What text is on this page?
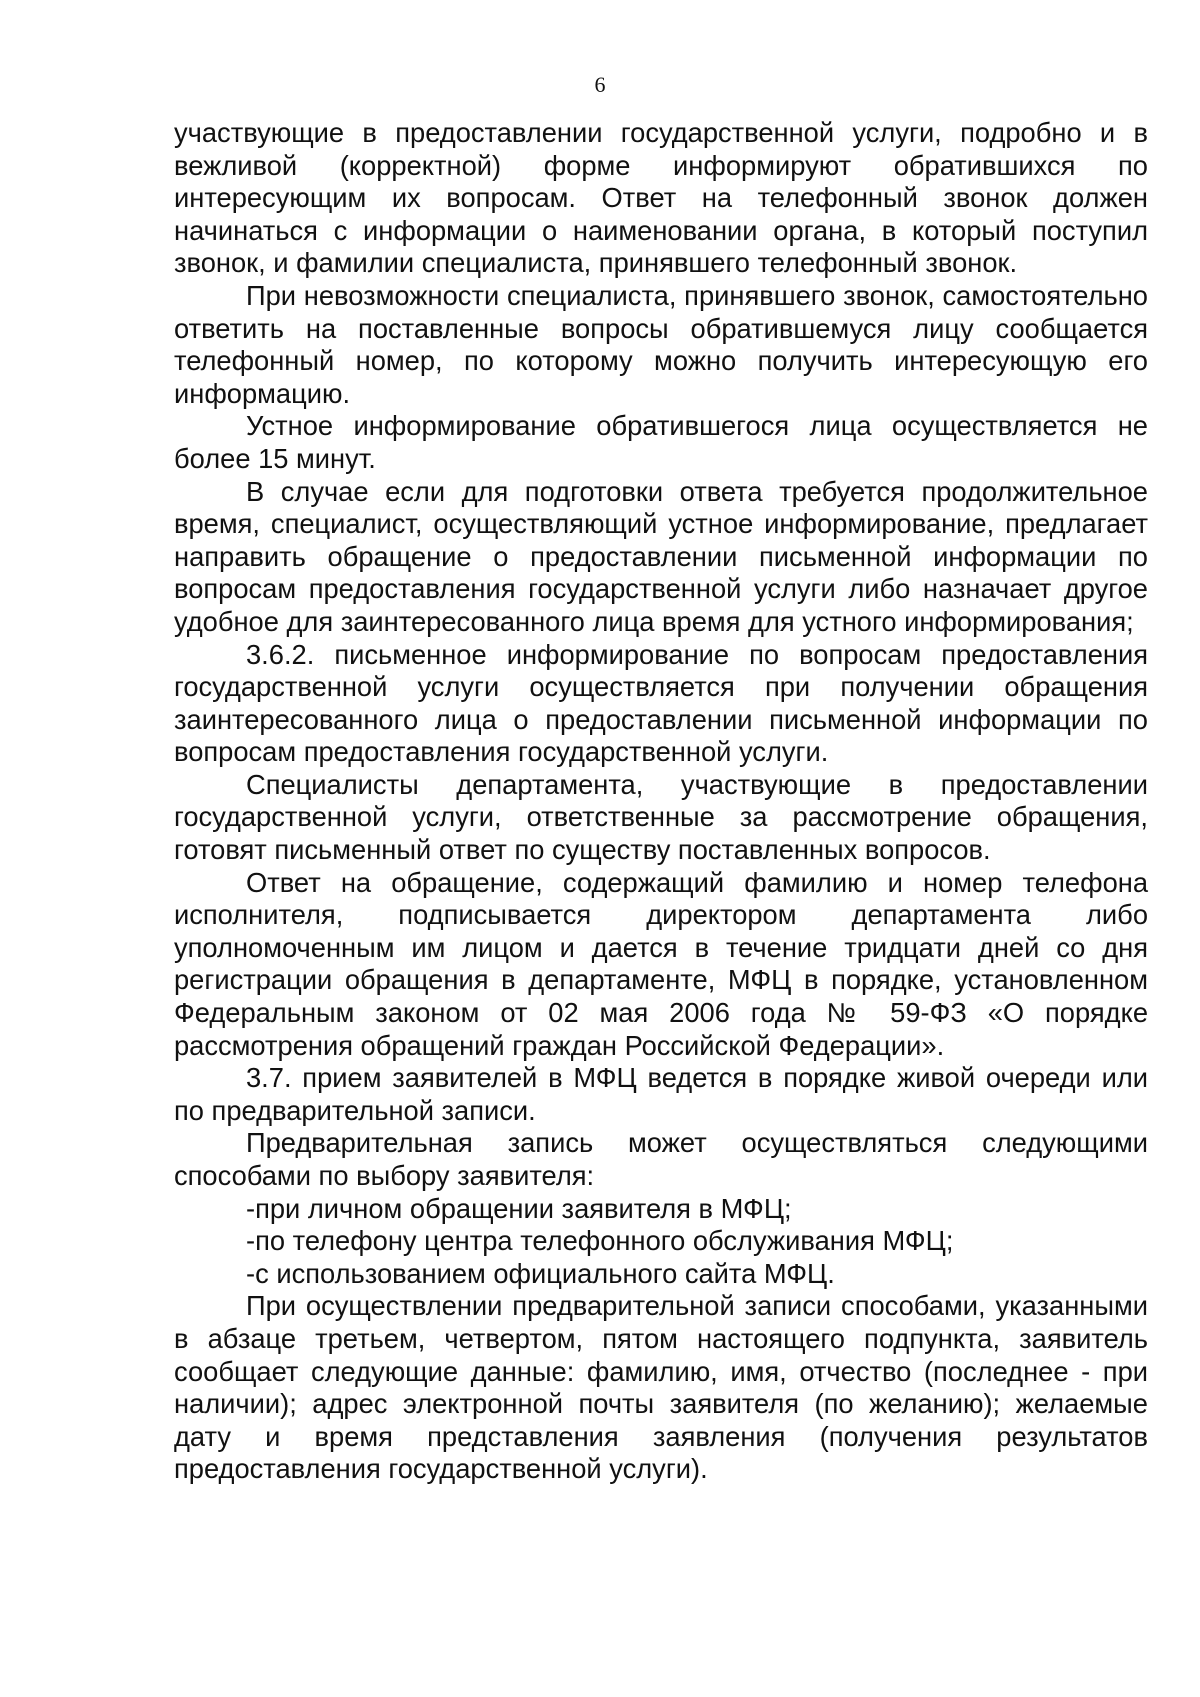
6

участвующие в предоставлении государственной услуги, подробно и в вежливой (корректной) форме информируют обратившихся по интересующим их вопросам. Ответ на телефонный звонок должен начинаться с информации о наименовании органа, в который поступил звонок, и фамилии специалиста, принявшего телефонный звонок.

При невозможности специалиста, принявшего звонок, самостоятельно ответить на поставленные вопросы обратившемуся лицу сообщается телефонный номер, по которому можно получить интересующую его информацию.

Устное информирование обратившегося лица осуществляется не более 15 минут.

В случае если для подготовки ответа требуется продолжительное время, специалист, осуществляющий устное информирование, предлагает направить обращение о предоставлении письменной информации по вопросам предоставления государственной услуги либо назначает другое удобное для заинтересованного лица время для устного информирования;

3.6.2. письменное информирование по вопросам предоставления государственной услуги осуществляется при получении обращения заинтересованного лица о предоставлении письменной информации по вопросам предоставления государственной услуги.

Специалисты департамента, участвующие в предоставлении государственной услуги, ответственные за рассмотрение обращения, готовят письменный ответ по существу поставленных вопросов.

Ответ на обращение, содержащий фамилию и номер телефона исполнителя, подписывается директором департамента либо уполномоченным им лицом и дается в течение тридцати дней со дня регистрации обращения в департаменте, МФЦ в порядке, установленном Федеральным законом от 02 мая 2006 года № 59-ФЗ «О порядке рассмотрения обращений граждан Российской Федерации».

3.7. прием заявителей в МФЦ ведется в порядке живой очереди или по предварительной записи.

Предварительная запись может осуществляться следующими способами по выбору заявителя:

-при личном обращении заявителя в МФЦ;

-по телефону центра телефонного обслуживания МФЦ;

-с использованием официального сайта МФЦ.

При осуществлении предварительной записи способами, указанными в абзаце третьем, четвертом, пятом настоящего подпункта, заявитель сообщает следующие данные: фамилию, имя, отчество (последнее - при наличии); адрес электронной почты заявителя (по желанию); желаемые дату и время представления заявления (получения результатов предоставления государственной услуги).
